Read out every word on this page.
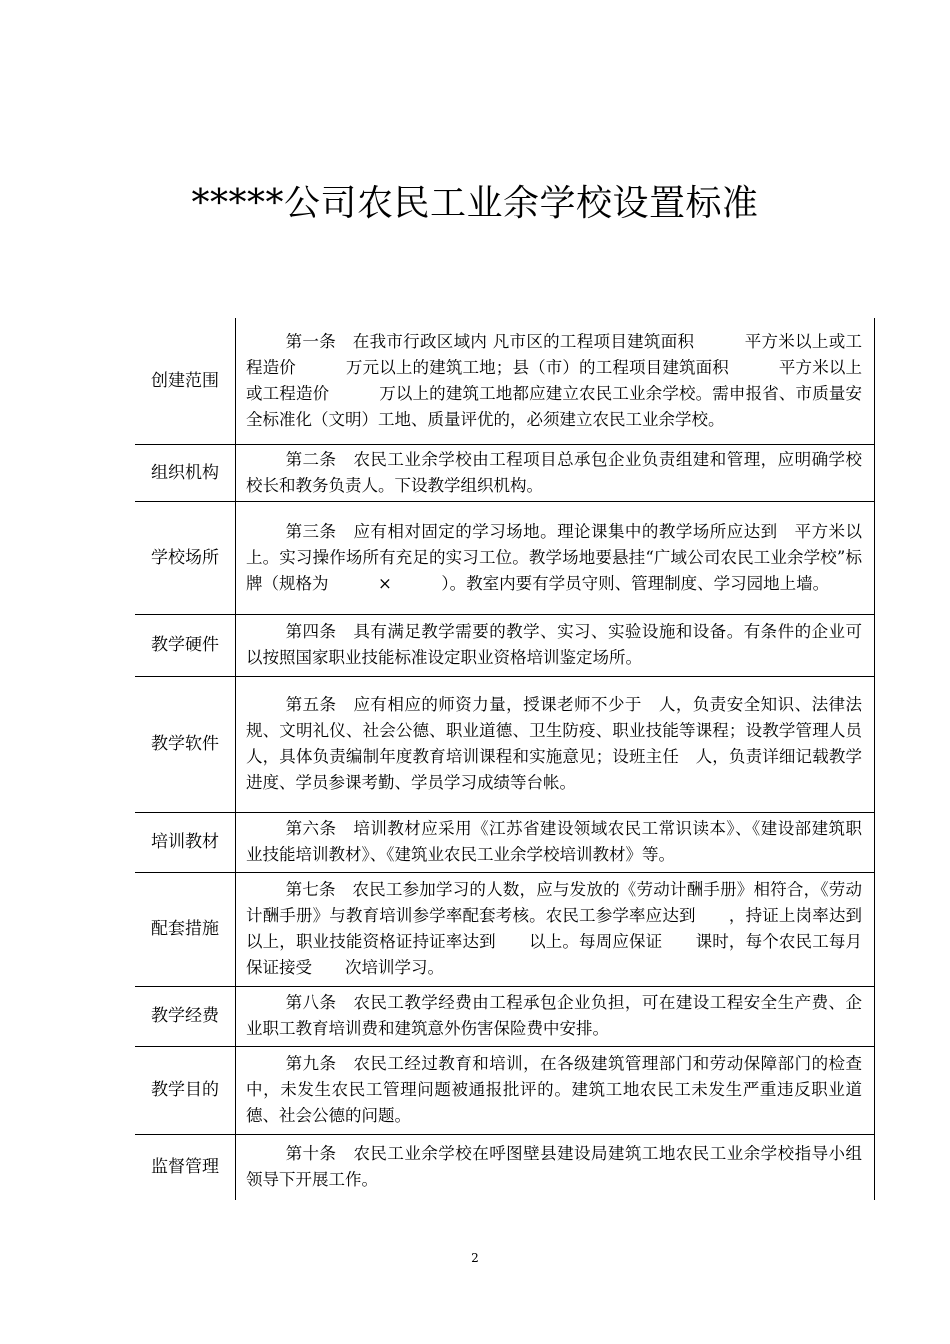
*****公司农民工业余学校设置标准
创建范围	第一条　在我市行政区域内 凡市区的工程项目建筑面积　　　平方米以上或工程造价　　　万元以上的建筑工地；县（市）的工程项目建筑面积　　　平方米以上或工程造价　　　万以上的建筑工地都应建立农民工业余学校。需申报省、市质量安全标准化（文明）工地、质量评优的，必须建立农民工业余学校。

组织机构	第二条　农民工业余学校由工程项目总承包企业负责组建和管理，应明确学校校长和教务负责人。下设教学组织机构。

学校场所	第三条　应有相对固定的学习场地。理论课集中的教学场所应达到　平方米以上。实习操作场所有充足的实习工位。教学场地要悬挂“广域公司农民工业余学校”标牌（规格为　　　×　　　）。教室内要有学员守则、管理制度、学习园地上墙。

教学硬件	第四条　具有满足教学需要的教学、实习、实验设施和设备。有条件的企业可以按照国家职业技能标准设定职业资格培训鉴定场所。

教学软件	第五条　应有相应的师资力量，授课老师不少于　人，负责安全知识、法律法规、文明礼仪、社会公德、职业道德、卫生防疫、职业技能等课程；设教学管理人员　人，具体负责编制年度教育培训课程和实施意见；设班主任　人，负责详细记载教学进度、学员参课考勤、学员学习成绩等台帐。

培训教材	第六条　培训教材应采用《江苏省建设领域农民工常识读本》、《建设部建筑职业技能培训教材》、《建筑业农民工业余学校培训教材》等。

配套措施	第七条　农民工参加学习的人数，应与发放的《劳动计酬手册》相符合，《劳动计酬手册》与教育培训参学率配套考核。农民工参学率应达到　　，持证上岗率达到　　以上，职业技能资格证持证率达到　　以上。每周应保证　　课时，每个农民工每月保证接受　　次培训学习。

教学经费	第八条　农民工教学经费由工程承包企业负担，可在建设工程安全生产费、企业职工教育培训费和建筑意外伤害保险费中安排。

教学目的	第九条　农民工经过教育和培训，在各级建筑管理部门和劳动保障部门的检查中，未发生农民工管理问题被通报批评的。建筑工地农民工未发生严重违反职业道德、社会公德的问题。

监督管理	第十条　农民工业余学校在呼图壁县建设局建筑工地农民工业余学校指导小组领导下开展工作。

2
